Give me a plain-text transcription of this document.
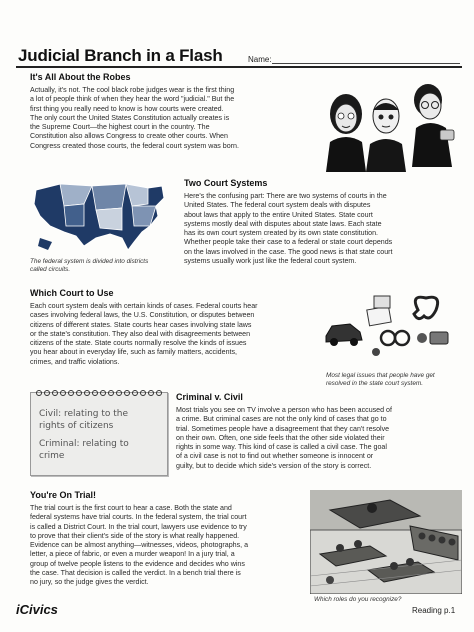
Judicial Branch in a Flash	Name:
It's All About the Robes
Actually, it's not. The cool black robe judges wear is the first thing
a lot of people think of when they hear the word "judicial." But the
first thing you really need to know is how courts were created.
The only court the United States Constitution actually creates is
the Supreme Court—the highest court in the country. The
Constitution also allows Congress to create other courts. When
Congress created those courts, the federal court system was born.
The federal system is divided into districts
called circuits.
Two Court Systems
Here's the confusing part: There are two systems of courts in the
United States. The federal court system deals with disputes
about laws that apply to the entire United States. State court
systems mostly deal with disputes about state laws. Each state
has its own court system created by its own state constitution.
Whether people take their case to a federal or state court depends
on the laws involved in the case. The good news is that state court
systems usually work just like the federal court system.
Which Court to Use
Each court system deals with certain kinds of cases. Federal courts hear
cases involving federal laws, the U.S. Constitution, or disputes between
citizens of different states. State courts hear cases involving state laws
or the state's constitution. They also deal with disagreements between
citizens of the state. State courts normally resolve the kinds of issues
you hear about in everyday life, such as family matters, accidents,
crimes, and traffic violations.
Most legal issues that people have get
resolved in the state court system.
Civil: relating to the
rights of citizens
Criminal: relating to
crime
Criminal v. Civil
Most trials you see on TV involve a person who has been accused of
a crime. But criminal cases are not the only kind of cases that go to
trial. Sometimes people have a disagreement that they can't resolve
on their own. Often, one side feels that the other side violated their
rights in some way. This kind of case is called a civil case. The goal
of a civil case is not to find out whether someone is innocent or
guilty, but to decide which side's version of the story is correct.
You're On Trial!
The trial court is the first court to hear a case. Both the state and
federal systems have trial courts. In the federal system, the trial court
is called a District Court. In the trial court, lawyers use evidence to try
to prove that their client's side of the story is what really happened.
Evidence can be almost anything—witnesses, videos, photographs, a
letter, a piece of fabric, or even a murder weapon! In a jury trial, a
group of twelve people listens to the evidence and decides who wins
the case. That decision is called the verdict. In a bench trial there is
no jury, so the judge gives the verdict.
Which roles do you recognize?
iCivics	Reading p.1
